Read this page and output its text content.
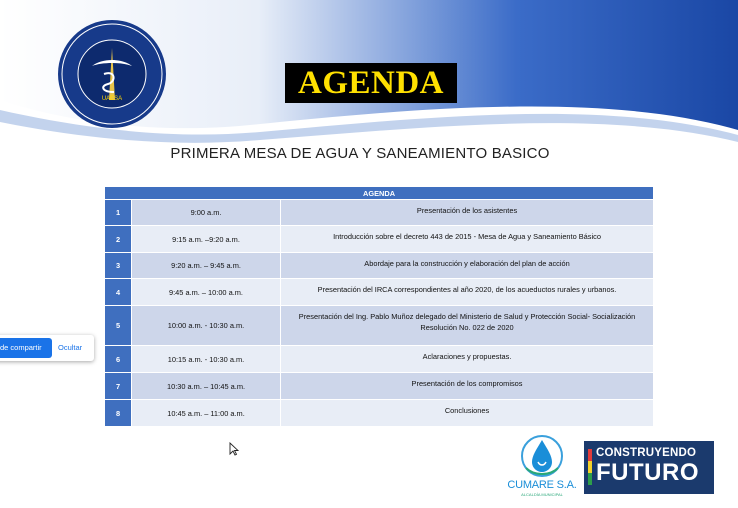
UAESA	AGENDA
PRIMERA MESA DE AGUA Y SANEAMIENTO BASICO
AGENDA		
1	9:00 a.m.	Presentación de los asistentes
2	9:15 a.m. –9:20 a.m.	Introducción sobre el decreto 443 de 2015 - Mesa de Agua y Saneamiento Básico
3	9:20 a.m. – 9:45 a.m.	Abordaje para la construcción y elaboración del plan de acción
4	9:45 a.m. – 10:00 a.m.	Presentación del IRCA correspondientes al año 2020, de los acueductos rurales y urbanos.
5	10:00 a.m. - 10:30 a.m.	Presentación del Ing. Pablo Muñoz delegado del Ministerio de Salud y Protección Social- Socialización Resolución No. 022 de 2020
6	10:15 a.m. - 10:30 a.m.	Aclaraciones y propuestas.
7	10:30 a.m. – 10:45 a.m.	Presentación de los compromisos
8	10:45 a.m. – 11:00 a.m.	Conclusiones
CUMARE S.A.
ALCALDÍA MUNICIPAL
CONSTRUYENDO
FUTURO
de compartir	Ocultar
